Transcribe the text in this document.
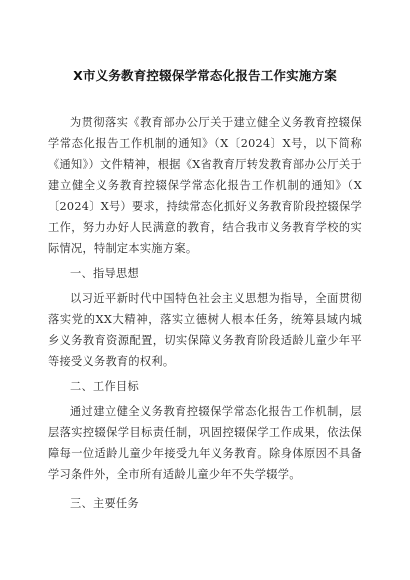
X市义务教育控辍保学常态化报告工作实施方案

为贯彻落实《教育部办公厅关于建立健全义务教育控辍保学常态化报告工作机制的通知》（X〔2024〕X号，以下简称《通知》）文件精神，根据《X省教育厅转发教育部办公厅关于建立健全义务教育控辍保学常态化报告工作机制的通知》（X〔2024〕X号）要求，持续常态化抓好义务教育阶段控辍保学工作，努力办好人民满意的教育，结合我市义务教育学校的实际情况，特制定本实施方案。

一、指导思想

以习近平新时代中国特色社会主义思想为指导，全面贯彻落实党的XX大精神，落实立德树人根本任务，统筹县域内城乡义务教育资源配置，切实保障义务教育阶段适龄儿童少年平等接受义务教育的权利。

二、工作目标

通过建立健全义务教育控辍保学常态化报告工作机制，层层落实控辍保学目标责任制，巩固控辍保学工作成果，依法保障每一位适龄儿童少年接受九年义务教育。除身体原因不具备学习条件外，全市所有适龄儿童少年不失学辍学。

三、主要任务
